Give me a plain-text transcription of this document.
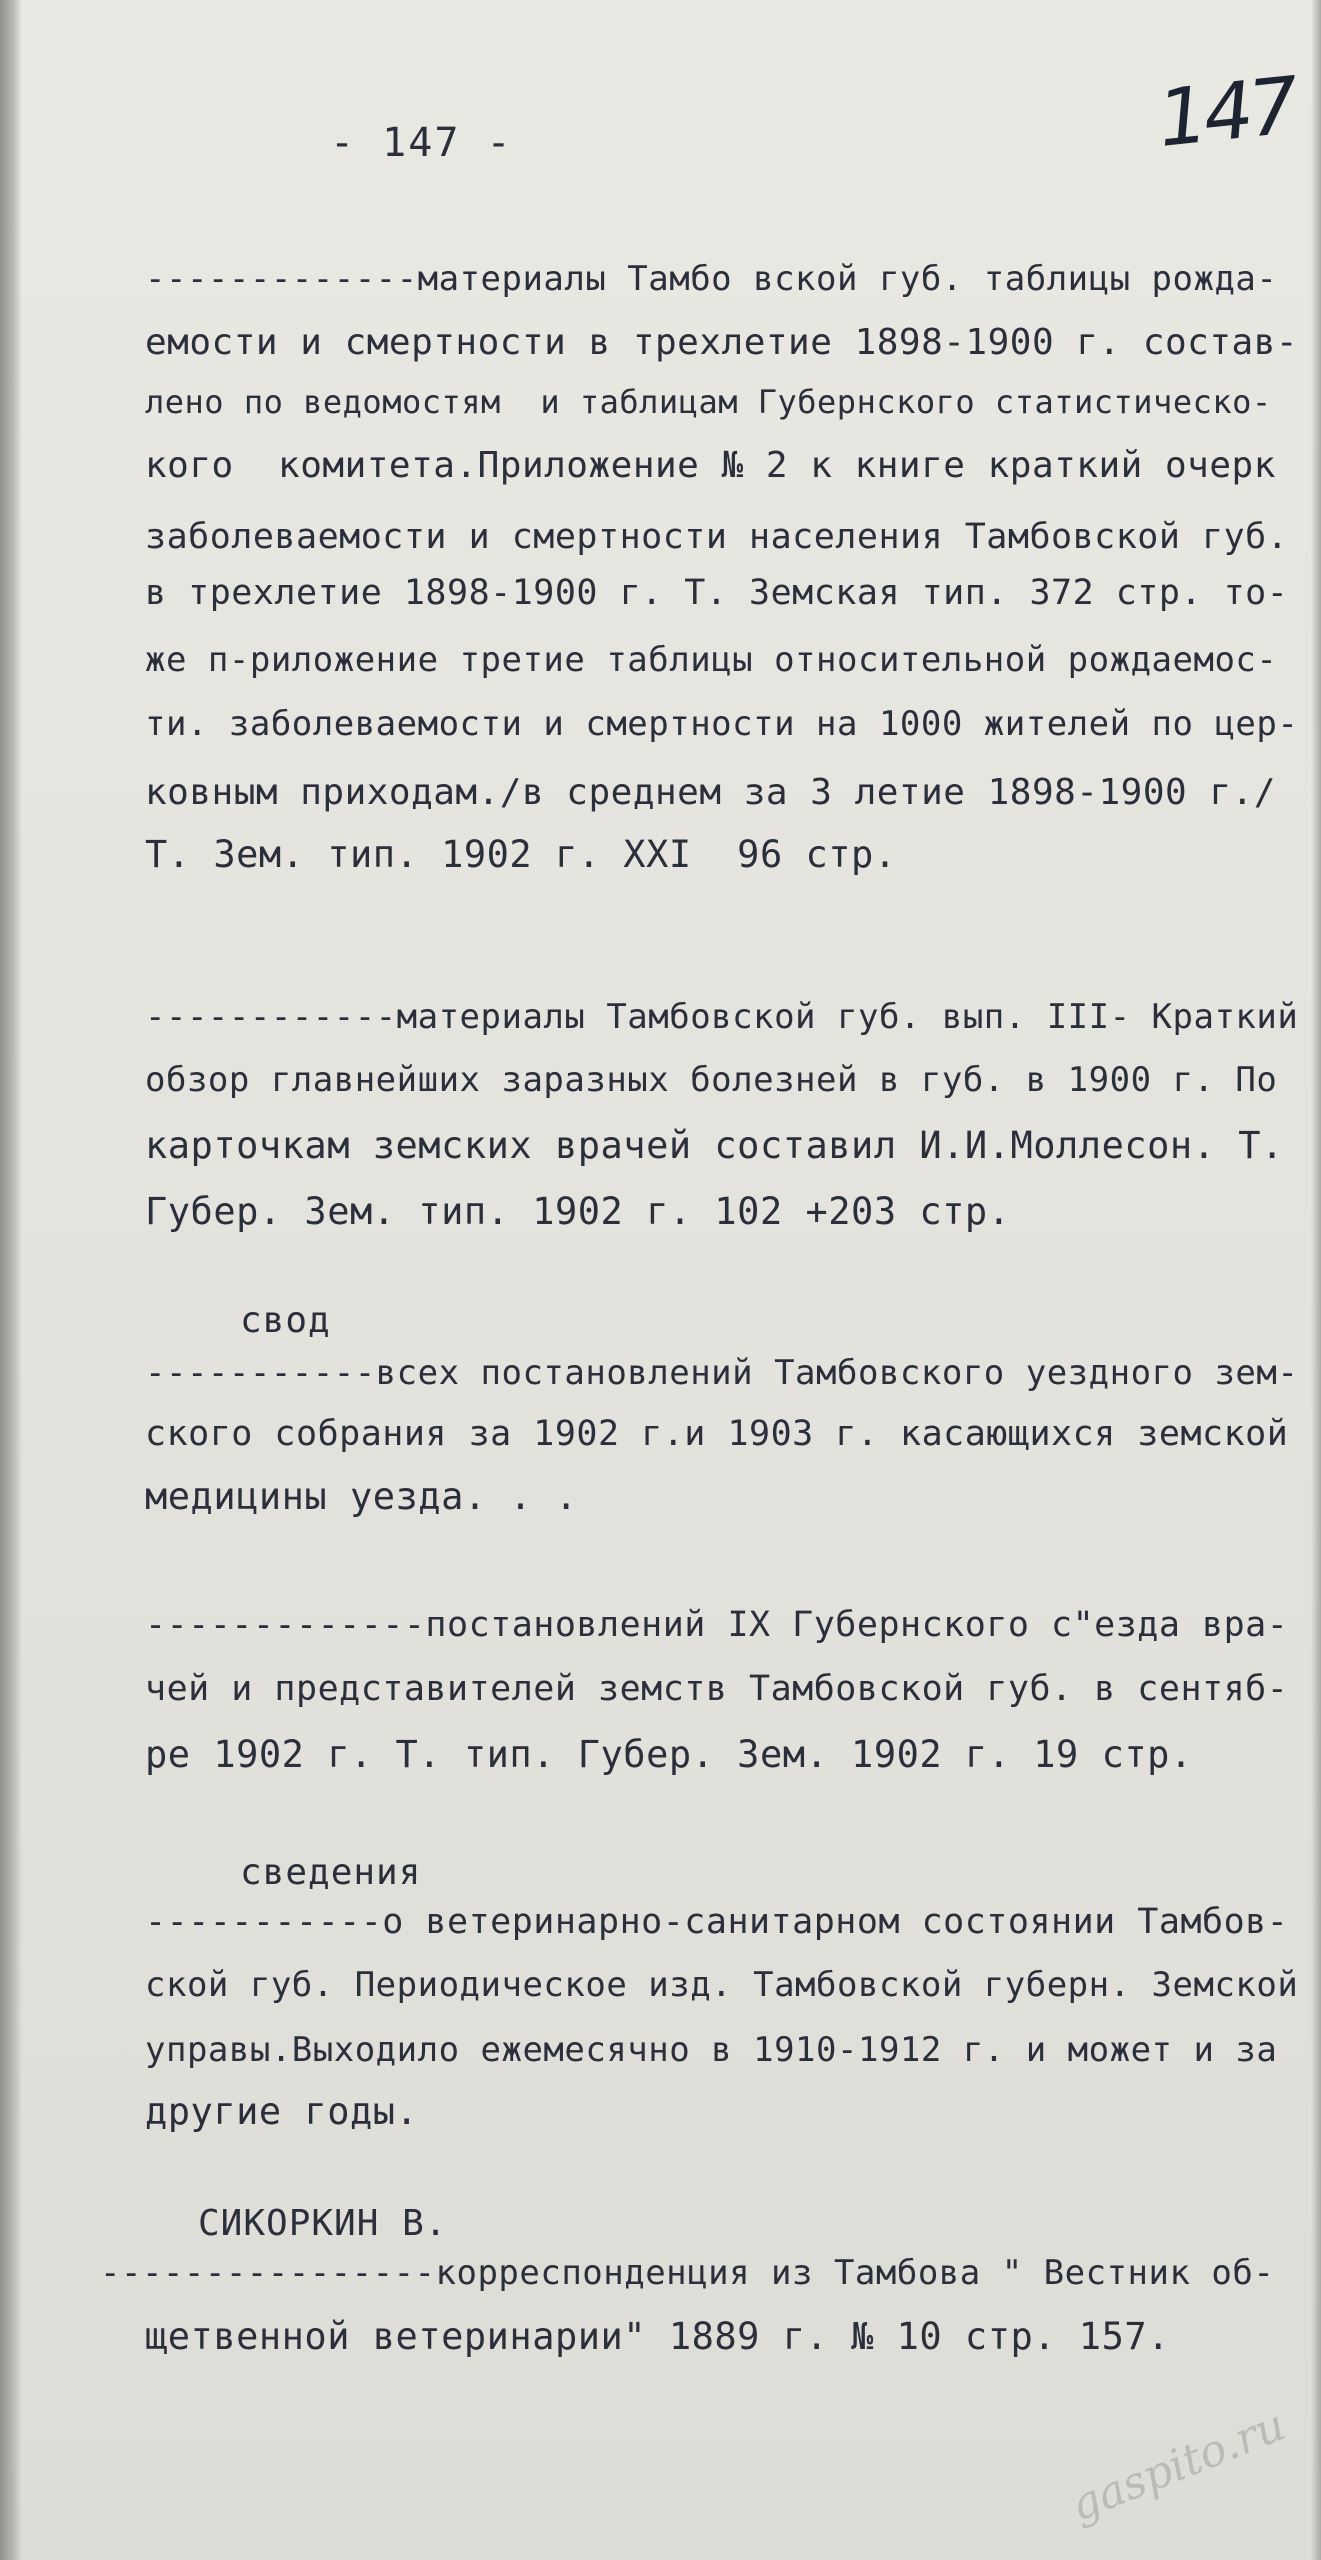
147
- 147 -

-------------материалы Тамбо вской губ. таблицы рожда-

емости и смертности в трехлетие 1898-1900 г. состав-

лено по ведомостям  и таблицам Губернского статистическо-

кого  комитета.Приложение № 2 к книге краткий очерк

заболеваемости и смертности населения Тамбовской губ.

в трехлетие 1898-1900 г. Т. Земская тип. 372 стр. то-

же п-риложение третие таблицы относительной рождаемос-

ти. заболеваемости и смертности на 1000 жителей по цер-

ковным приходам./в среднем за 3 летие 1898-1900 г./

Т. Зем. тип. 1902 г. XXI  96 стр.

------------материалы Тамбовской губ. вып. III- Краткий

обзор главнейших заразных болезней в губ. в 1900 г. По

карточкам земских врачей составил И.И.Моллесон. Т.

Губер. Зем. тип. 1902 г. 102 +203 стр.

свод

-----------всех постановлений Тамбовского уездного зем-

ского собрания за 1902 г.и 1903 г. касающихся земской

медицины уезда. . .

-------------постановлений IX Губернского с"езда вра-

чей и представителей земств Тамбовской губ. в сентяб-

ре 1902 г. Т. тип. Губер. Зем. 1902 г. 19 стр.

сведения

-----------о ветеринарно-санитарном состоянии Тамбов-

ской губ. Периодическое изд. Тамбовской губерн. Земской

управы.Выходило ежемесячно в 1910-1912 г. и может и за

другие годы.

СИКОРКИН В.

----------------корреспонденция из Тамбова " Вестник об-

щетвенной ветеринарии" 1889 г. № 10 стр. 157.

gaspito.ru
